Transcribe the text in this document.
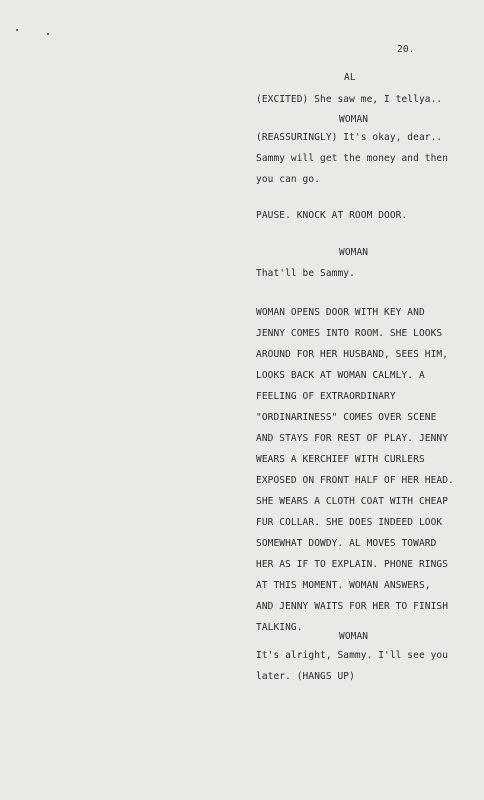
20.
AL
(EXCITED) She saw me, I tellya..
WOMAN
(REASSURINGLY) It's okay, dear..
Sammy will get the money and then
you can go.
PAUSE. KNOCK AT ROOM DOOR.
WOMAN
That'll be Sammy.
WOMAN OPENS DOOR WITH KEY AND
JENNY COMES INTO ROOM. SHE LOOKS
AROUND FOR HER HUSBAND, SEES HIM,
LOOKS BACK AT WOMAN CALMLY. A
FEELING OF EXTRAORDINARY
"ORDINARINESS" COMES OVER SCENE
AND STAYS FOR REST OF PLAY. JENNY
WEARS A KERCHIEF WITH CURLERS
EXPOSED ON FRONT HALF OF HER HEAD.
SHE WEARS A CLOTH COAT WITH CHEAP
FUR COLLAR. SHE DOES INDEED LOOK
SOMEWHAT DOWDY. AL MOVES TOWARD
HER AS IF TO EXPLAIN. PHONE RINGS
AT THIS MOMENT. WOMAN ANSWERS,
AND JENNY WAITS FOR HER TO FINISH
TALKING.
WOMAN
It's alright, Sammy. I'll see you
later. (HANGS UP)
